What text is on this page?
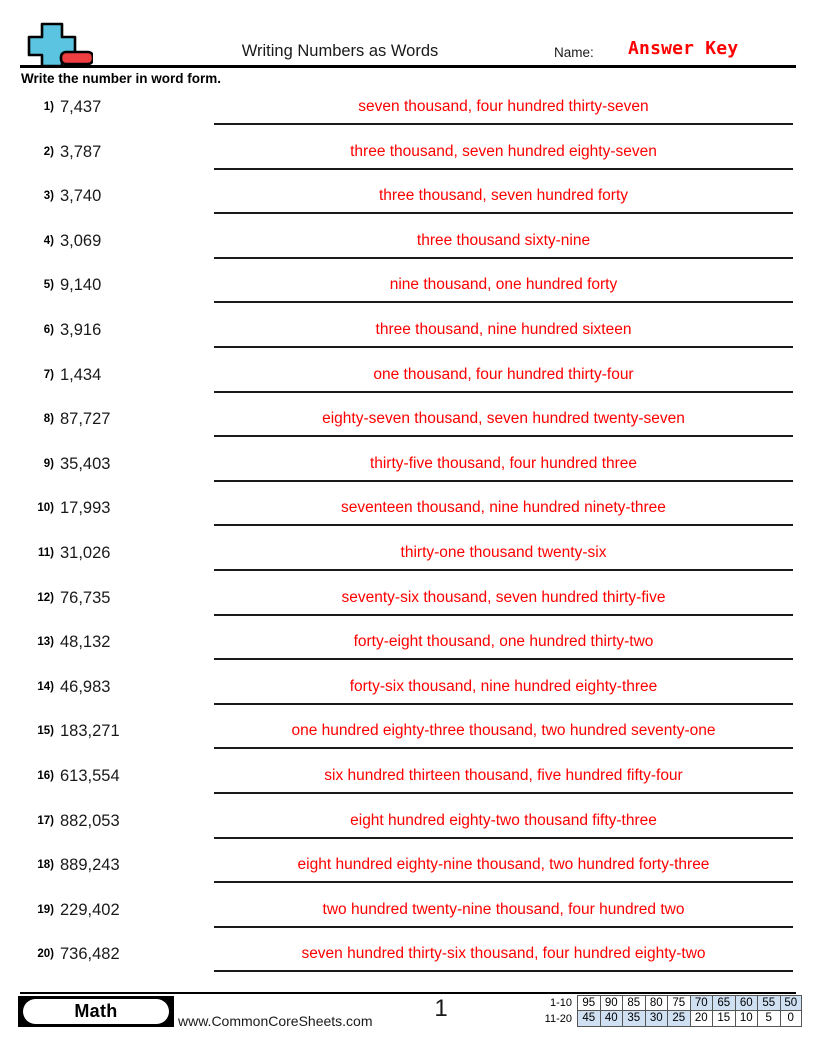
Writing Numbers as Words	Name: Answer Key
Write the number in word form.
1) 7,437	seven thousand, four hundred thirty-seven
2) 3,787	three thousand, seven hundred eighty-seven
3) 3,740	three thousand, seven hundred forty
4) 3,069	three thousand sixty-nine
5) 9,140	nine thousand, one hundred forty
6) 3,916	three thousand, nine hundred sixteen
7) 1,434	one thousand, four hundred thirty-four
8) 87,727	eighty-seven thousand, seven hundred twenty-seven
9) 35,403	thirty-five thousand, four hundred three
10) 17,993	seventeen thousand, nine hundred ninety-three
11) 31,026	thirty-one thousand twenty-six
12) 76,735	seventy-six thousand, seven hundred thirty-five
13) 48,132	forty-eight thousand, one hundred thirty-two
14) 46,983	forty-six thousand, nine hundred eighty-three
15) 183,271	one hundred eighty-three thousand, two hundred seventy-one
16) 613,554	six hundred thirteen thousand, five hundred fifty-four
17) 882,053	eight hundred eighty-two thousand fifty-three
18) 889,243	eight hundred eighty-nine thousand, two hundred forty-three
19) 229,402	two hundred twenty-nine thousand, four hundred two
20) 736,482	seven hundred thirty-six thousand, four hundred eighty-two
Math	www.CommonCoreSheets.com	1	1-10 95 90 85 80 75 70 65 60 55 50
11-20 45 40 35 30 25 20 15 10	5	0
